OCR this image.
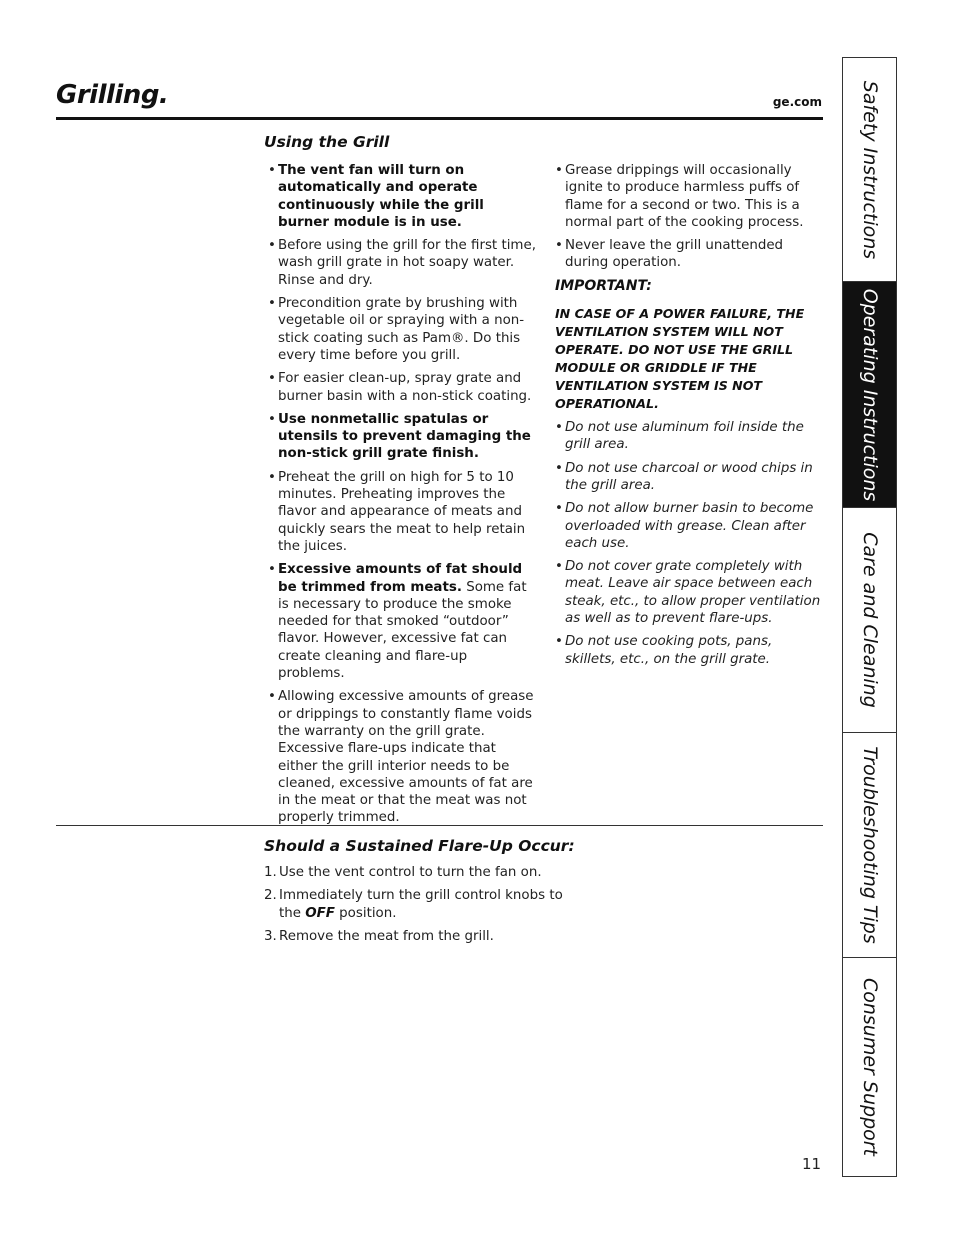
Grilling.	ge.com
Using the Grill
• The vent fan will turn on automatically and operate continuously while the grill burner module is in use.
• Before using the grill for the first time, wash grill grate in hot soapy water. Rinse and dry.
• Precondition grate by brushing with vegetable oil or spraying with a non-stick coating such as Pam®. Do this every time before you grill.
• For easier clean-up, spray grate and burner basin with a non-stick coating.
• Use nonmetallic spatulas or utensils to prevent damaging the non-stick grill grate finish.
• Preheat the grill on high for 5 to 10 minutes. Preheating improves the flavor and appearance of meats and quickly sears the meat to help retain the juices.
• Excessive amounts of fat should be trimmed from meats. Some fat is necessary to produce the smoke needed for that smoked “outdoor” flavor. However, excessive fat can create cleaning and flare-up problems.
• Allowing excessive amounts of grease or drippings to constantly flame voids the warranty on the grill grate. Excessive flare-ups indicate that either the grill interior needs to be cleaned, excessive amounts of fat are in the meat or that the meat was not properly trimmed.
• Grease drippings will occasionally ignite to produce harmless puffs of flame for a second or two. This is a normal part of the cooking process.
• Never leave the grill unattended during operation.
IMPORTANT:
IN CASE OF A POWER FAILURE, THE VENTILATION SYSTEM WILL NOT OPERATE. DO NOT USE THE GRILL MODULE OR GRIDDLE IF THE VENTILATION SYSTEM IS NOT OPERATIONAL.
• Do not use aluminum foil inside the grill area.
• Do not use charcoal or wood chips in the grill area.
• Do not allow burner basin to become overloaded with grease. Clean after each use.
• Do not cover grate completely with meat. Leave air space between each steak, etc., to allow proper ventilation as well as to prevent flare-ups.
• Do not use cooking pots, pans, skillets, etc., on the grill grate.
Should a Sustained Flare-Up Occur:
1. Use the vent control to turn the fan on.
2. Immediately turn the grill control knobs to the OFF position.
3. Remove the meat from the grill.
11
Safety Instructions
Operating Instructions
Care and Cleaning
Troubleshooting Tips
Consumer Support
